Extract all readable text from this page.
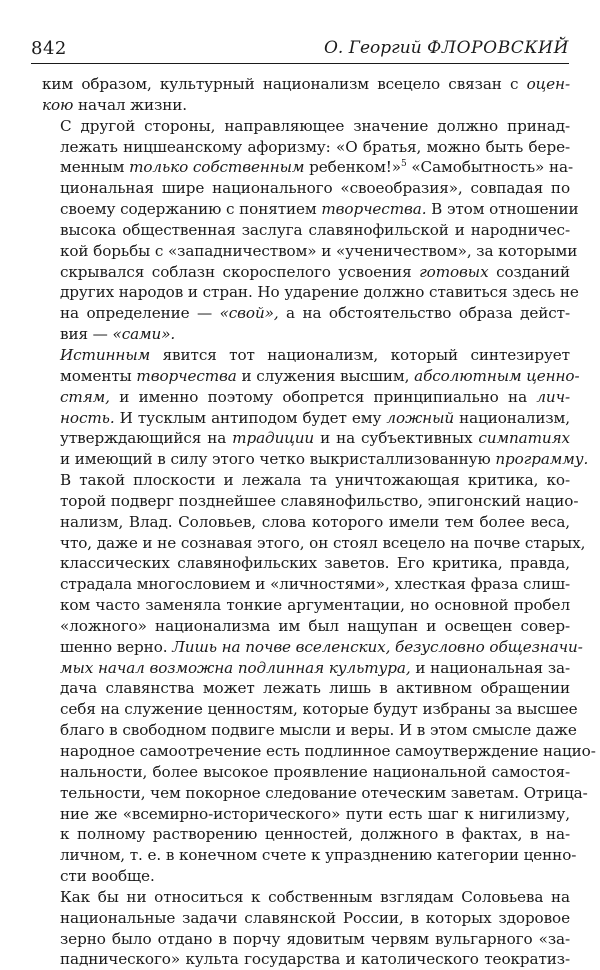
842	О. Георгий ФЛОРОВСКИЙ
ким образом, культурный национализм всецело связан с оцен-
кою начал жизни.
С другой стороны, направляющее значение должно принад-
лежать ницшеанскому афоризму: «О братья, можно быть бере-
менным только собственным ребенком!»$^5$ «Самобытность» на-
циональная шире национального «своеобразия», совпадая по
своему содержанию с понятием творчества. В этом отношении
высока общественная заслуга славянофильской и народничес-
кой борьбы с «западничеством» и «ученичеством», за которыми
скрывался соблазн скороспелого усвоения готовых созданий
других народов и стран. Но ударение должно ставиться здесь не
на определение — «свой», а на обстоятельство образа дейст-
вия — «сами».
Истинным явится тот национализм, который синтезирует
моменты творчества и служения высшим, абсолютным ценно-
стям, и именно поэтому обопрется принципиально на лич-
ность. И тусклым антиподом будет ему ложный национализм,
утверждающийся на традиции и на субъективных симпатиях
и имеющий в силу этого четко выкристаллизованную программу.
В такой плоскости и лежала та уничтожающая критика, ко-
торой подверг позднейшее славянофильство, эпигонский нацио-
нализм, Влад. Соловьев, слова которого имели тем более веса,
что, даже и не сознавая этого, он стоял всецело на почве старых,
классических славянофильских заветов. Его критика, правда,
страдала многословием и «личностями», хлесткая фраза слиш-
ком часто заменяла тонкие аргументации, но основной пробел
«ложного» национализма им был нащупан и освещен совер-
шенно верно. Лишь на почве вселенских, безусловно общезначи-
мых начал возможна подлинная культура, и национальная за-
дача славянства может лежать лишь в активном обращении
себя на служение ценностям, которые будут избраны за высшее
благо в свободном подвиге мысли и веры. И в этом смысле даже
народное самоотречение есть подлинное самоутверждение нацио-
нальности, более высокое проявление национальной самостоя-
тельности, чем покорное следование отеческим заветам. Отрица-
ние же «всемирно-исторического» пути есть шаг к нигилизму,
к полному растворению ценностей, должного в фактах, в на-
личном, т. е. в конечном счете к упразднению категории ценно-
сти вообще.
Как бы ни относиться к собственным взглядам Соловьева на
национальные задачи славянской России, в которых здоровое
зерно было отдано в порчу ядовитым червям вульгарного «за-
паднического» культа государства и католического теократиз-
